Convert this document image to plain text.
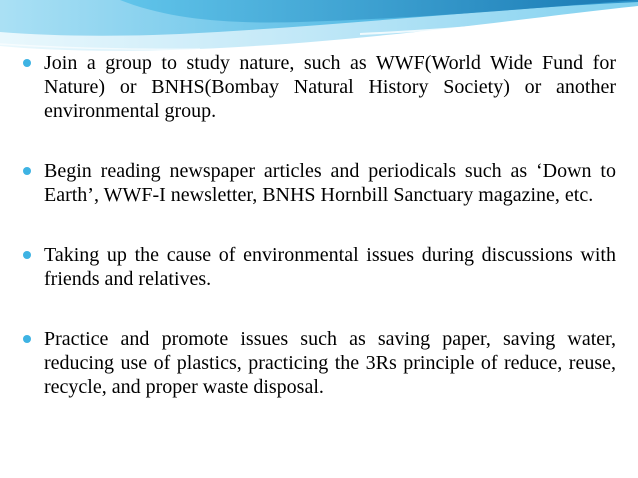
Join a group to study nature, such as WWF(World Wide Fund for Nature) or BNHS(Bombay Natural History Society) or another environmental group.
Begin reading newspaper articles and periodicals such as ‘Down to Earth’, WWF-I newsletter, BNHS Hornbill Sanctuary magazine, etc.
Taking up the cause of environmental issues during discussions with friends and relatives.
Practice and promote issues such as saving paper, saving water, reducing use of plastics, practicing the 3Rs principle of reduce, reuse, recycle, and proper waste disposal.
